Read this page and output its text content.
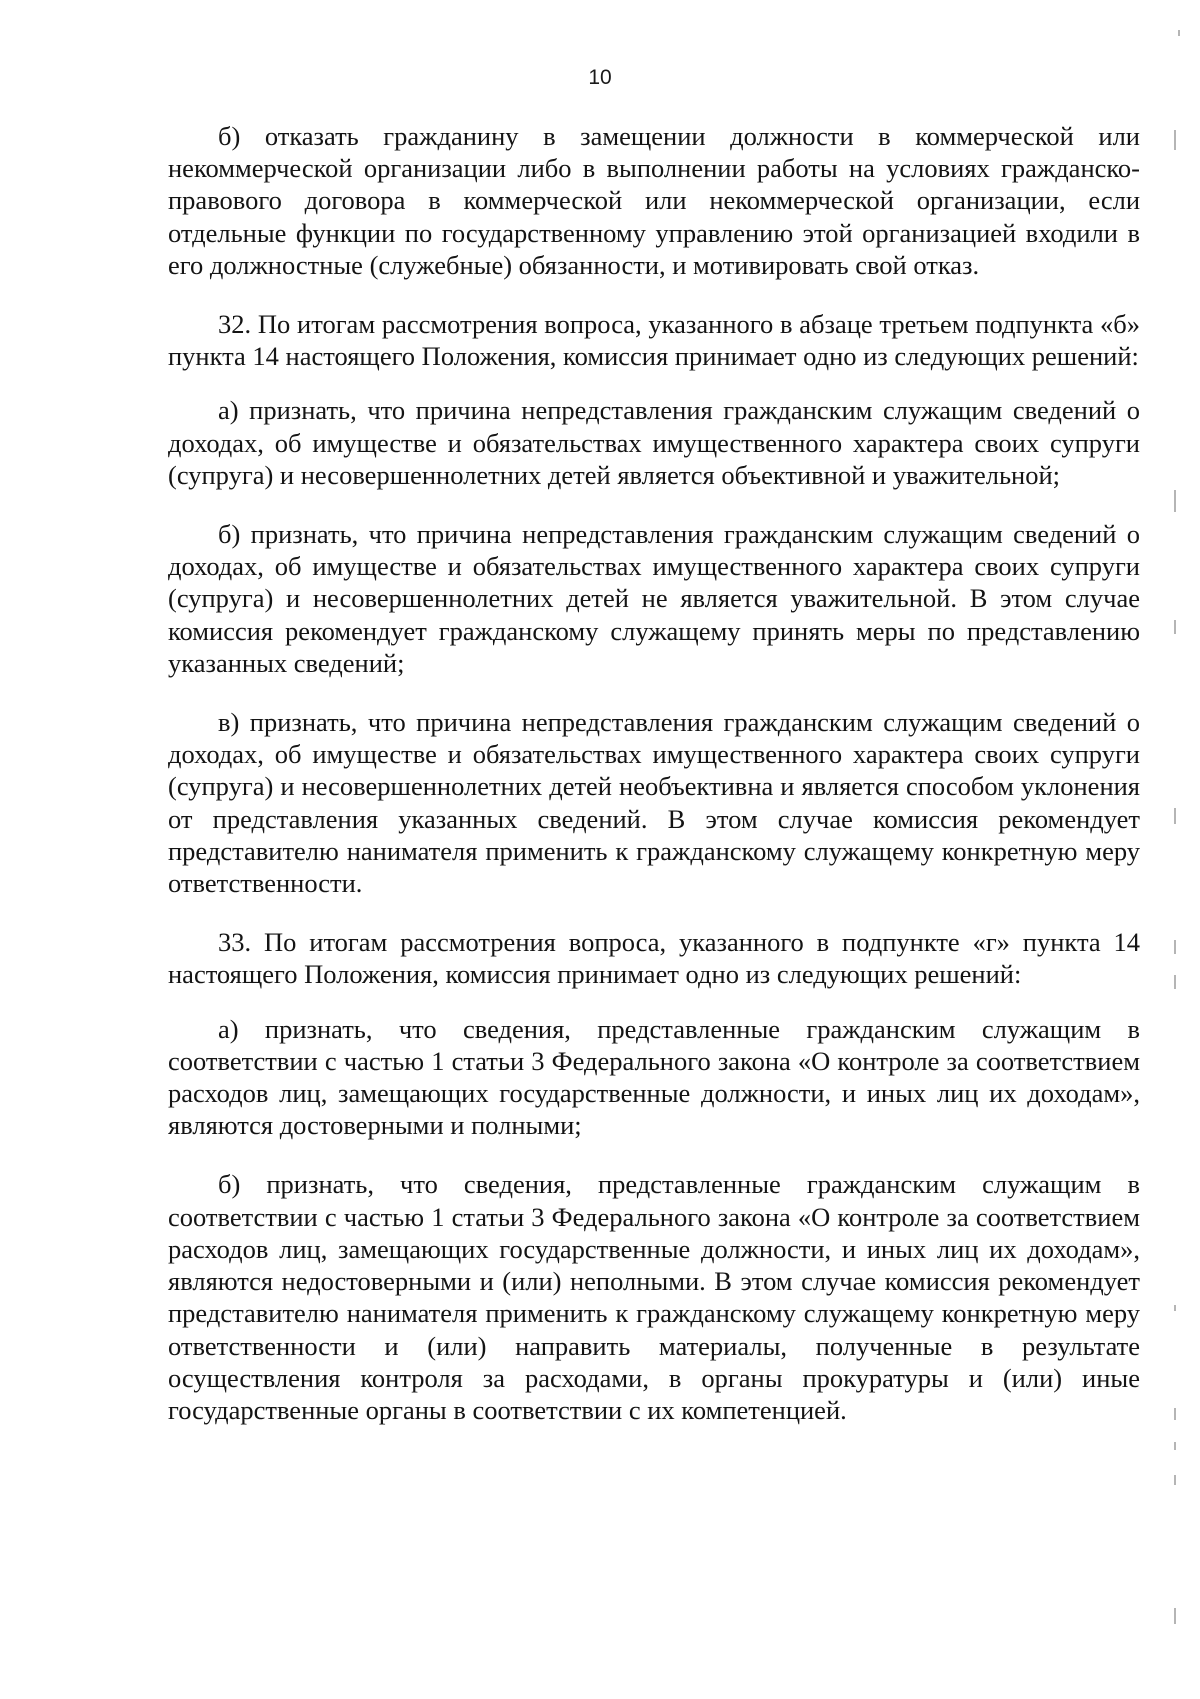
10

б) отказать гражданину в замещении должности в коммерческой или некоммерческой организации либо в выполнении работы на условиях гражданско-правового договора в коммерческой или некоммерческой организации, если отдельные функции по государственному управлению этой организацией входили в его должностные (служебные) обязанности, и мотивировать свой отказ.

32. По итогам рассмотрения вопроса, указанного в абзаце третьем подпункта «б» пункта 14 настоящего Положения, комиссия принимает одно из следующих решений:

а) признать, что причина непредставления гражданским служащим сведений о доходах, об имуществе и обязательствах имущественного характера своих супруги (супруга) и несовершеннолетних детей является объективной и уважительной;

б) признать, что причина непредставления гражданским служащим сведений о доходах, об имуществе и обязательствах имущественного характера своих супруги (супруга) и несовершеннолетних детей не является уважительной. В этом случае комиссия рекомендует гражданскому служащему принять меры по представлению указанных сведений;

в) признать, что причина непредставления гражданским служащим сведений о доходах, об имуществе и обязательствах имущественного характера своих супруги (супруга) и несовершеннолетних детей необъективна и является способом уклонения от представления указанных сведений. В этом случае комиссия рекомендует представителю нанимателя применить к гражданскому служащему конкретную меру ответственности.

33. По итогам рассмотрения вопроса, указанного в подпункте «г» пункта 14 настоящего Положения, комиссия принимает одно из следующих решений:

а) признать, что сведения, представленные гражданским служащим в соответствии с частью 1 статьи 3 Федерального закона «О контроле за соответствием расходов лиц, замещающих государственные должности, и иных лиц их доходам», являются достоверными и полными;

б) признать, что сведения, представленные гражданским служащим в соответствии с частью 1 статьи 3 Федерального закона «О контроле за соответствием расходов лиц, замещающих государственные должности, и иных лиц их доходам», являются недостоверными и (или) неполными. В этом случае комиссия рекомендует представителю нанимателя применить к гражданскому служащему конкретную меру ответственности и (или) направить материалы, полученные в результате осуществления контроля за расходами, в органы прокуратуры и (или) иные государственные органы в соответствии с их компетенцией.
